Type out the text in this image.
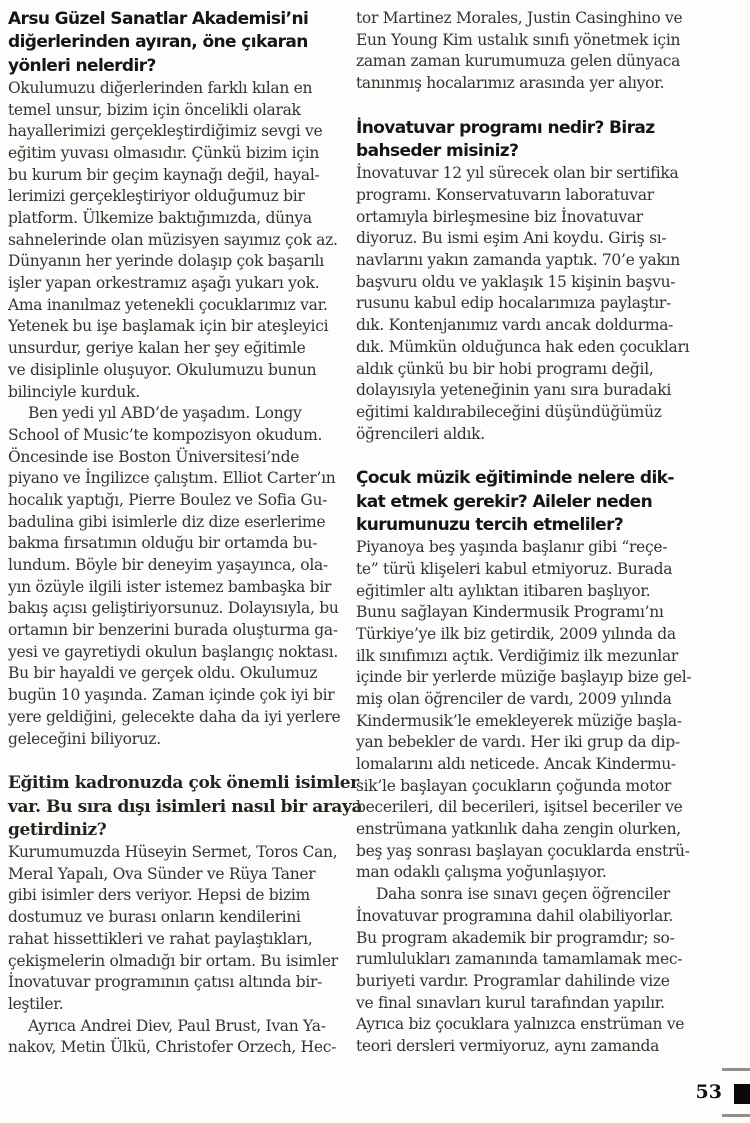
Arsu Güzel Sanatlar Akademisi’ni
diğerlerinden ayıran, öne çıkaran
yönleri nelerdir?
Okulumuzu diğerlerinden farklı kılan en
temel unsur, bizim için öncelikli olarak
hayallerimizi gerçekleştirdiğimiz sevgi ve
eğitim yuvası olmasıdır. Çünkü bizim için
bu kurum bir geçim kaynağı değil, hayal-
lerimizi gerçekleştiriyor olduğumuz bir
platform. Ülkemize baktığımızda, dünya
sahnelerinde olan müzisyen sayımız çok az.
Dünyanın her yerinde dolaşıp çok başarılı
işler yapan orkestramız aşağı yukarı yok.
Ama inanılmaz yetenekli çocuklarımız var.
Yetenek bu işe başlamak için bir ateşleyici
unsurdur, geriye kalan her şey eğitimle
ve disiplinle oluşuyor. Okulumuzu bunun
bilinciyle kurduk.
Ben yedi yıl ABD’de yaşadım. Longy
School of Music’te kompozisyon okudum.
Öncesinde ise Boston Üniversitesi’nde
piyano ve İngilizce çalıştım. Elliot Carter’ın
hocalık yaptığı, Pierre Boulez ve Sofia Gu-
badulina gibi isimlerle diz dize eserlerime
bakma fırsatımın olduğu bir ortamda bu-
lundum. Böyle bir deneyim yaşayınca, ola-
yın özüyle ilgili ister istemez bambaşka bir
bakış açısı geliştiriyorsunuz. Dolayısıyla, bu
ortamın bir benzerini burada oluşturma ga-
yesi ve gayretiydi okulun başlangıç noktası.
Bu bir hayaldi ve gerçek oldu. Okulumuz
bugün 10 yaşında. Zaman içinde çok iyi bir
yere geldiğini, gelecekte daha da iyi yerlere
geleceğini biliyoruz.
Eğitim kadronuzda çok önemli isimler
var. Bu sıra dışı isimleri nasıl bir araya
getirdiniz?
Kurumumuzda Hüseyin Sermet, Toros Can,
Meral Yapalı, Ova Sünder ve Rüya Taner
gibi isimler ders veriyor. Hepsi de bizim
dostumuz ve burası onların kendilerini
rahat hissettikleri ve rahat paylaştıkları,
çekişmelerin olmadığı bir ortam. Bu isimler
İnovatuvar programının çatısı altında bir-
leştiler.
Ayrıca Andrei Diev, Paul Brust, Ivan Ya-
nakov, Metin Ülkü, Christofer Orzech, Hec-
tor Martinez Morales, Justin Casinghino ve
Eun Young Kim ustalık sınıfı yönetmek için
zaman zaman kurumumuza gelen dünyaca
tanınmış hocalarımız arasında yer alıyor.
İnovatuvar programı nedir? Biraz
bahseder misiniz?
İnovatuvar 12 yıl sürecek olan bir sertifika
programı. Konservatuvarın laboratuvar
ortamıyla birleşmesine biz İnovatuvar
diyoruz. Bu ismi eşim Ani koydu. Giriş sı-
navlarını yakın zamanda yaptık. 70’e yakın
başvuru oldu ve yaklaşık 15 kişinin başvu-
rusunu kabul edip hocalarımıza paylaştır-
dık. Kontenjanımız vardı ancak doldurma-
dık. Mümkün olduğunca hak eden çocukları
aldık çünkü bu bir hobi programı değil,
dolayısıyla yeteneğinin yanı sıra buradaki
eğitimi kaldırabileceğini düşündüğümüz
öğrencileri aldık.
Çocuk müzik eğitiminde nelere dik-
kat etmek gerekir? Aileler neden
kurumunuzu tercih etmeliler?
Piyanoya beş yaşında başlanır gibi “reçe-
te” türü klişeleri kabul etmiyoruz. Burada
eğitimler altı aylıktan itibaren başlıyor.
Bunu sağlayan Kindermusik Programı’nı
Türkiye’ye ilk biz getirdik, 2009 yılında da
ilk sınıfımızı açtık. Verdiğimiz ilk mezunlar
içinde bir yerlerde müziğe başlayıp bize gel-
miş olan öğrenciler de vardı, 2009 yılında
Kindermusik’le emekleyerek müziğe başla-
yan bebekler de vardı. Her iki grup da dip-
lomalarını aldı neticede. Ancak Kindermu-
sik’le başlayan çocukların çoğunda motor
becerileri, dil becerileri, işitsel beceriler ve
enstrümana yatkınlık daha zengin olurken,
beş yaş sonrası başlayan çocuklarda enstrü-
man odaklı çalışma yoğunlaşıyor.
Daha sonra ise sınavı geçen öğrenciler
İnovatuvar programına dahil olabiliyorlar.
Bu program akademik bir programdır; so-
rumlulukları zamanında tamamlamak mec-
buriyeti vardır. Programlar dahilinde vize
ve final sınavları kurul tarafından yapılır.
Ayrıca biz çocuklara yalnızca enstrüman ve
teori dersleri vermiyoruz, aynı zamanda
53
